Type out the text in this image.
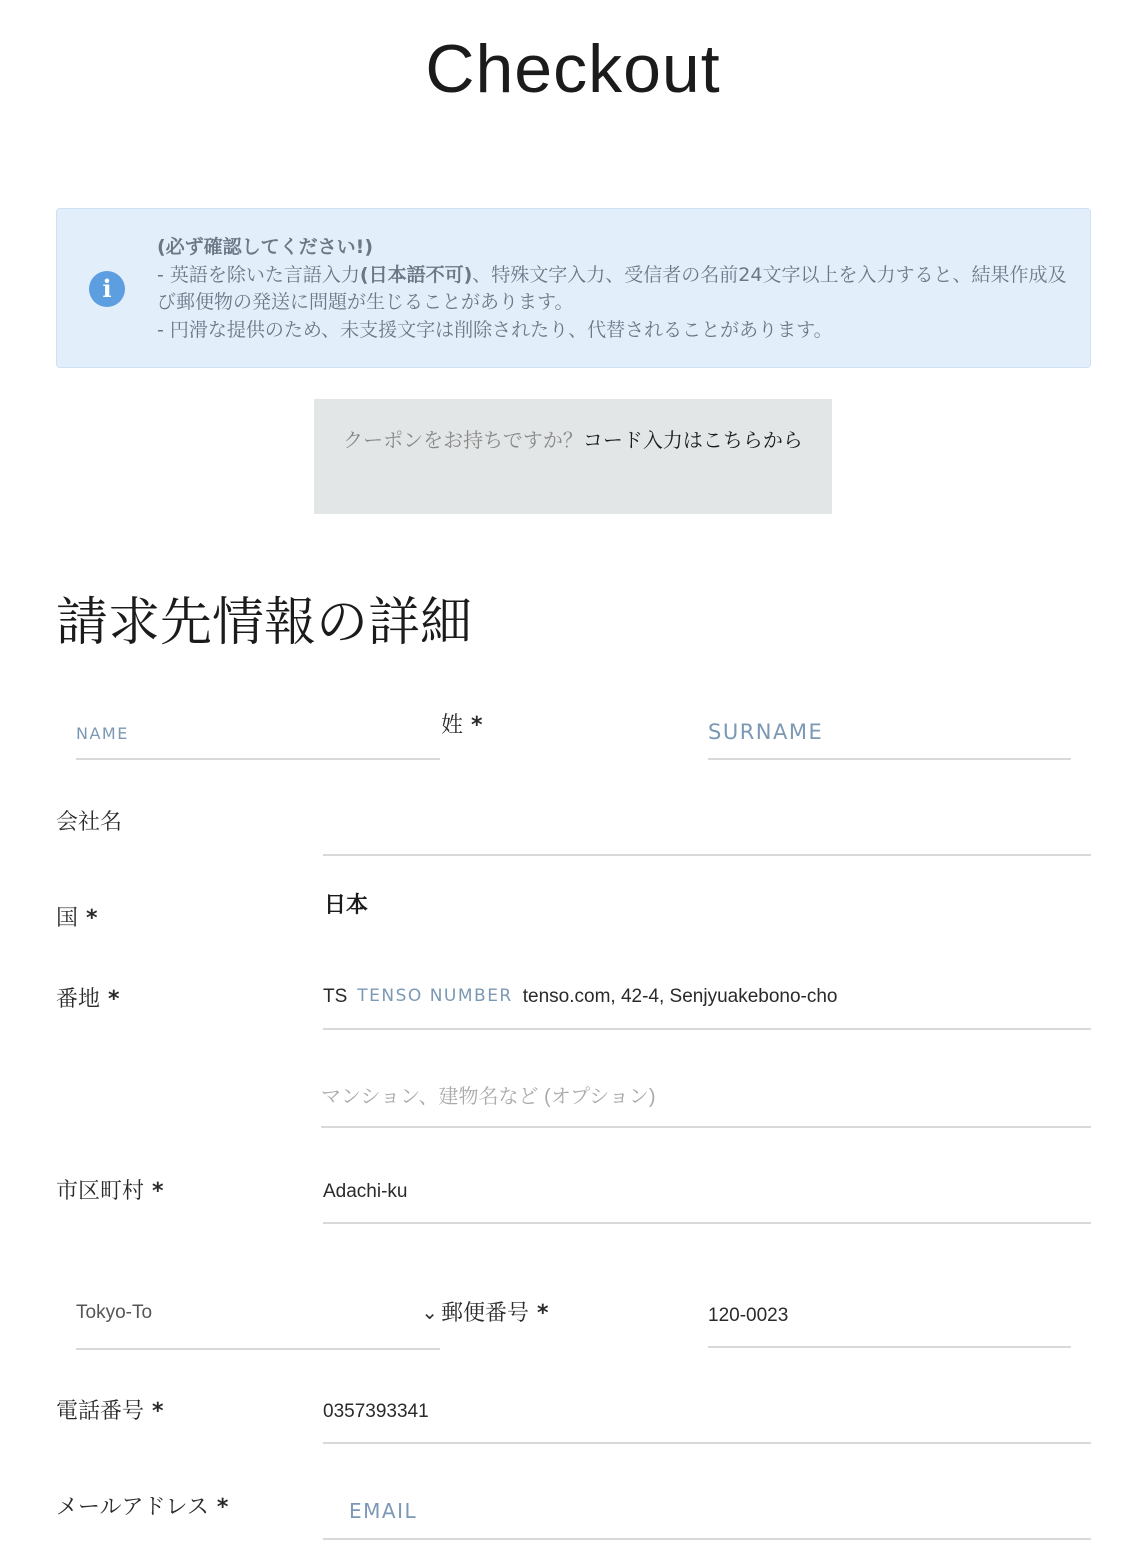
Checkout
i
(必ず確認してください!)
- 英語を除いた言語入力(日本語不可)、特殊文字入力、受信者の名前24文字以上を入力すると、結果作成及び郵便物の発送に問題が生じることがあります。
- 円滑な提供のため、未支援文字は削除されたり、代替されることがあります。
クーポンをお持ちですか？コード入力はこちらから
請求先情報の詳細
NAME
姓 *
SURNAME
会社名
国 *
日本
番地 *	TS TENSO NUMBER tenso.com, 42-4, Senjyuakebono-cho
マンション、建物名など (オプション)
市区町村 *
Adachi-ku
Tokyo-To	⌄ 郵便番号 *
120-0023
電話番号 *
0357393341
メールアドレス *
EMAIL
